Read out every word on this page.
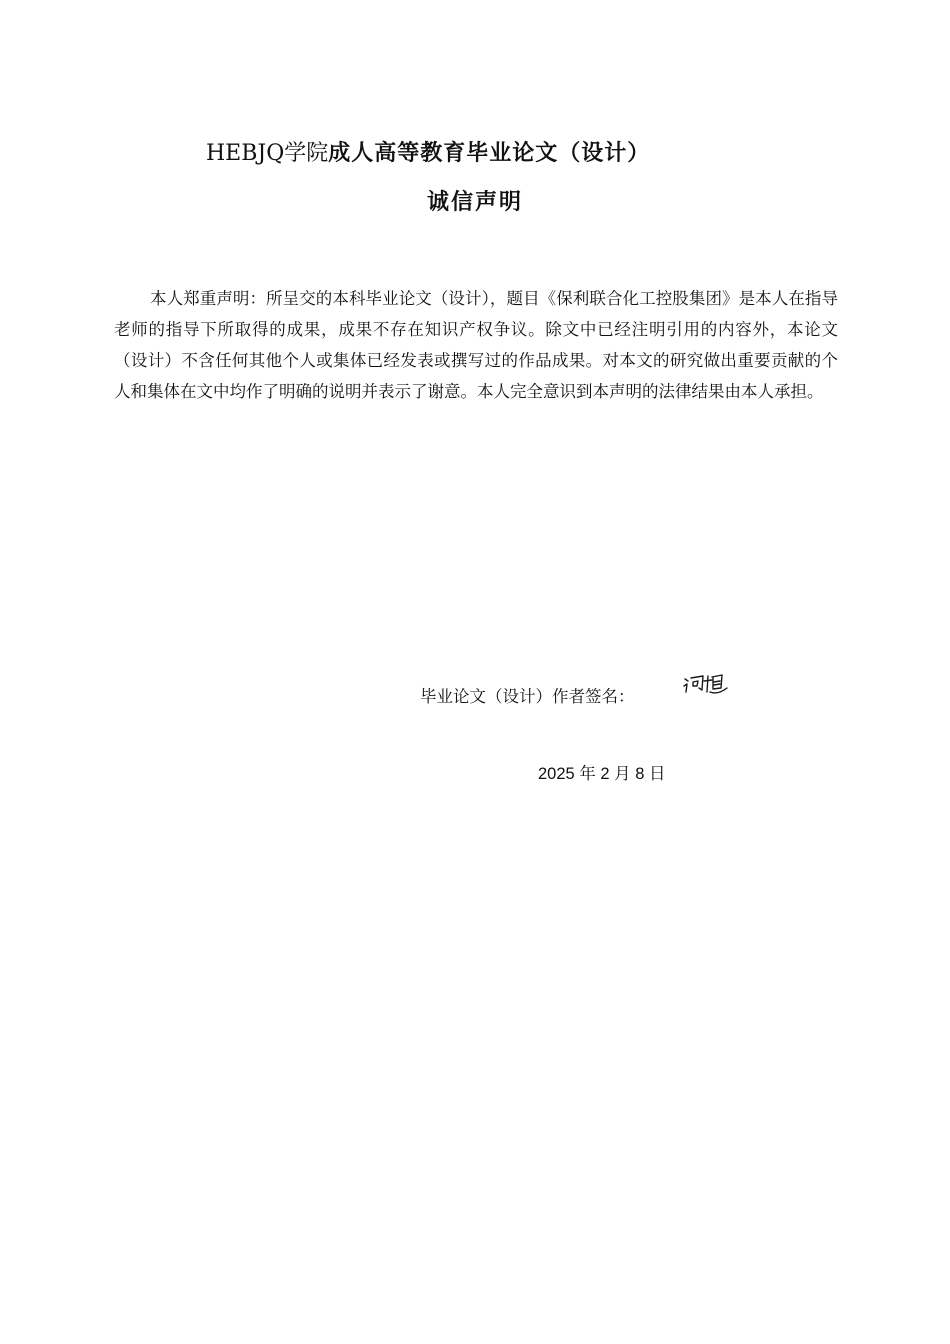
HEBJQ学院成人高等教育毕业论文（设计）
诚信声明

本人郑重声明：所呈交的本科毕业论文（设计），题目《保利联合化工控股集团》是本人在指导老师的指导下所取得的成果，成果不存在知识产权争议。除文中已经注明引用的内容外，本论文（设计）不含任何其他个人或集体已经发表或撰写过的作品成果。对本文的研究做出重要贡献的个人和集体在文中均作了明确的说明并表示了谢意。本人完全意识到本声明的法律结果由本人承担。

毕业论文（设计）作者签名：
2025 年 2 月 8 日
